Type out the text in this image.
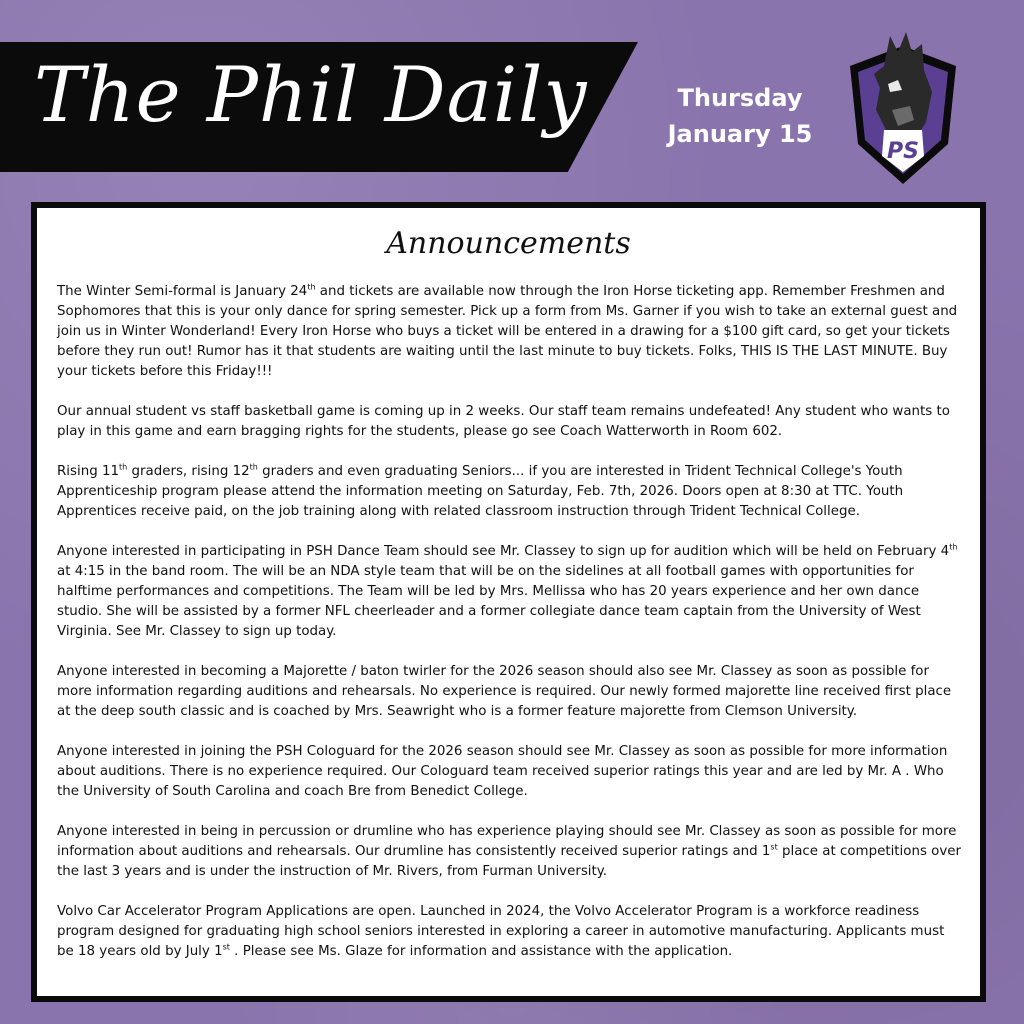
The Phil Daily	Thursday
January 15
PS
Announcements

The Winter Semi-formal is January 24th and tickets are available now through the Iron Horse ticketing app. Remember Freshmen and Sophomores that this is your only dance for spring semester. Pick up a form from Ms. Garner if you wish to take an external guest and join us in Winter Wonderland! Every Iron Horse who buys a ticket will be entered in a drawing for a $100 gift card, so get your tickets before they run out! Rumor has it that students are waiting until the last minute to buy tickets. Folks, THIS IS THE LAST MINUTE. Buy your tickets before this Friday!!!

Our annual student vs staff basketball game is coming up in 2 weeks. Our staff team remains undefeated! Any student who wants to play in this game and earn bragging rights for the students, please go see Coach Watterworth in Room 602.

Rising 11th graders, rising 12th graders and even graduating Seniors... if you are interested in Trident Technical College's Youth Apprenticeship program please attend the information meeting on Saturday, Feb. 7th, 2026. Doors open at 8:30 at TTC. Youth Apprentices receive paid, on the job training along with related classroom instruction through Trident Technical College.

Anyone interested in participating in PSH Dance Team should see Mr. Classey to sign up for audition which will be held on February 4th at 4:15 in the band room. The will be an NDA style team that will be on the sidelines at all football games with opportunities for halftime performances and competitions. The Team will be led by Mrs. Mellissa who has 20 years experience and her own dance studio. She will be assisted by a former NFL cheerleader and a former collegiate dance team captain from the University of West Virginia. See Mr. Classey to sign up today.

Anyone interested in becoming a Majorette / baton twirler for the 2026 season should also see Mr. Classey as soon as possible for more information regarding auditions and rehearsals. No experience is required. Our newly formed majorette line received first place at the deep south classic and is coached by Mrs. Seawright who is a former feature majorette from Clemson University.

Anyone interested in joining the PSH Cologuard for the 2026 season should see Mr. Classey as soon as possible for more information about auditions. There is no experience required. Our Cologuard team received superior ratings this year and are led by Mr. A . Who the University of South Carolina and coach Bre from Benedict College.

Anyone interested in being in percussion or drumline who has experience playing should see Mr. Classey as soon as possible for more information about auditions and rehearsals. Our drumline has consistently received superior ratings and 1st place at competitions over the last 3 years and is under the instruction of Mr. Rivers, from Furman University.

Volvo Car Accelerator Program Applications are open. Launched in 2024, the Volvo Accelerator Program is a workforce readiness program designed for graduating high school seniors interested in exploring a career in automotive manufacturing. Applicants must be 18 years old by July 1st . Please see Ms. Glaze for information and assistance with the application.
